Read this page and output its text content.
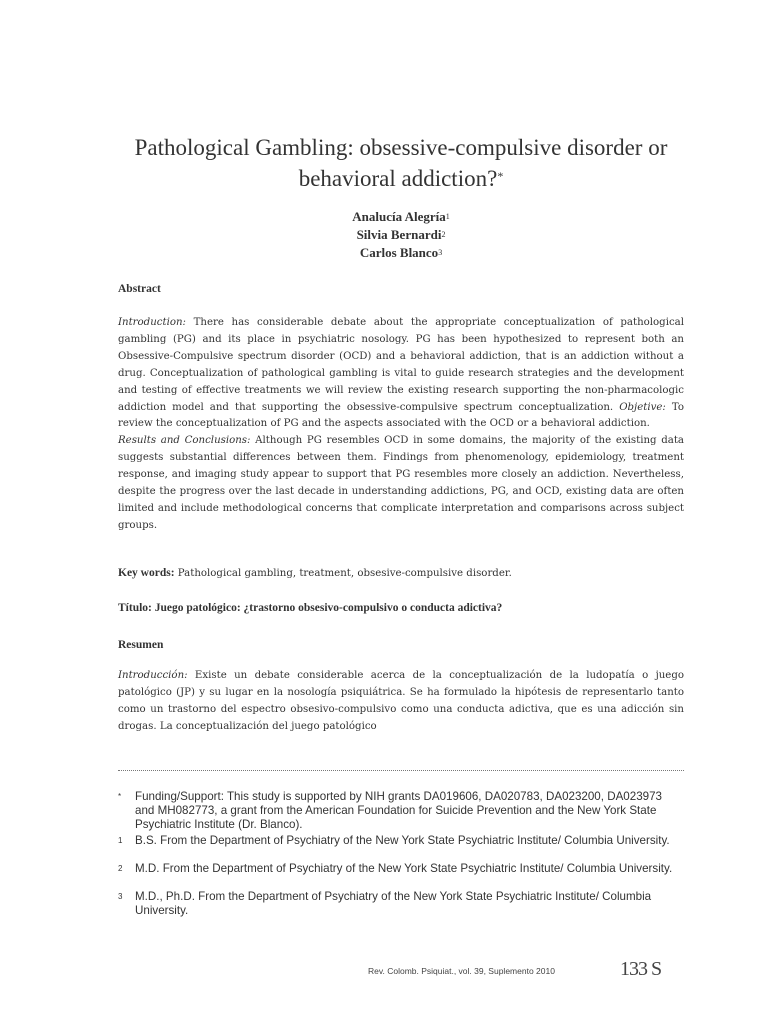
Pathological Gambling: obsessive-compulsive disorder or behavioral addiction?*
Analucía Alegría$^1$
Silvia Bernardi$^2$
Carlos Blanco$^3$
Abstract
Introduction: There has considerable debate about the appropriate conceptualization of pathological gambling (PG) and its place in psychiatric nosology. PG has been hypothesized to represent both an Obsessive-Compulsive spectrum disorder (OCD) and a behavioral addiction, that is an addiction without a drug. Conceptualization of pathological gambling is vital to guide research strategies and the development and testing of effective treatments we will review the existing research supporting the non-pharmacologic addiction model and that supporting the obsessive-compulsive spectrum conceptualization. Objetive: To review the conceptualization of PG and the aspects associated with the OCD or a behavioral addiction.
Results and Conclusions: Although PG resembles OCD in some domains, the majority of the existing data suggests substantial differences between them. Findings from phenomenology, epidemiology, treatment response, and imaging study appear to support that PG resembles more closely an addiction. Nevertheless, despite the progress over the last decade in understanding addictions, PG, and OCD, existing data are often limited and include methodological concerns that complicate interpretation and comparisons across subject groups.
Key words: Pathological gambling, treatment, obsesive-compulsive disorder.
Título: Juego patológico: ¿trastorno obsesivo-compulsivo o conducta adictiva?
Resumen
Introducción: Existe un debate considerable acerca de la conceptualización de la ludopatía o juego patológico (JP) y su lugar en la nosología psiquiátrica. Se ha formulado la hipótesis de representarlo tanto como un trastorno del espectro obsesivo-compulsivo como una conducta adictiva, que es una adicción sin drogas. La conceptualización del juego patológico
*	Funding/Support: This study is supported by NIH grants DA019606, DA020783, DA023200, DA023973 and MH082773, a grant from the American Foundation for Suicide Prevention and the New York State Psychiatric Institute (Dr. Blanco).
1	B.S. From the Department of Psychiatry of the New York State Psychiatric Institute/ Columbia University.
2	M.D. From the Department of Psychiatry of the New York State Psychiatric Institute/ Columbia University.
3	M.D., Ph.D. From the Department of Psychiatry of the New York State Psychiatric Institute/ Columbia University.
Rev. Colomb. Psiquiat., vol. 39, Suplemento 2010	133 S
